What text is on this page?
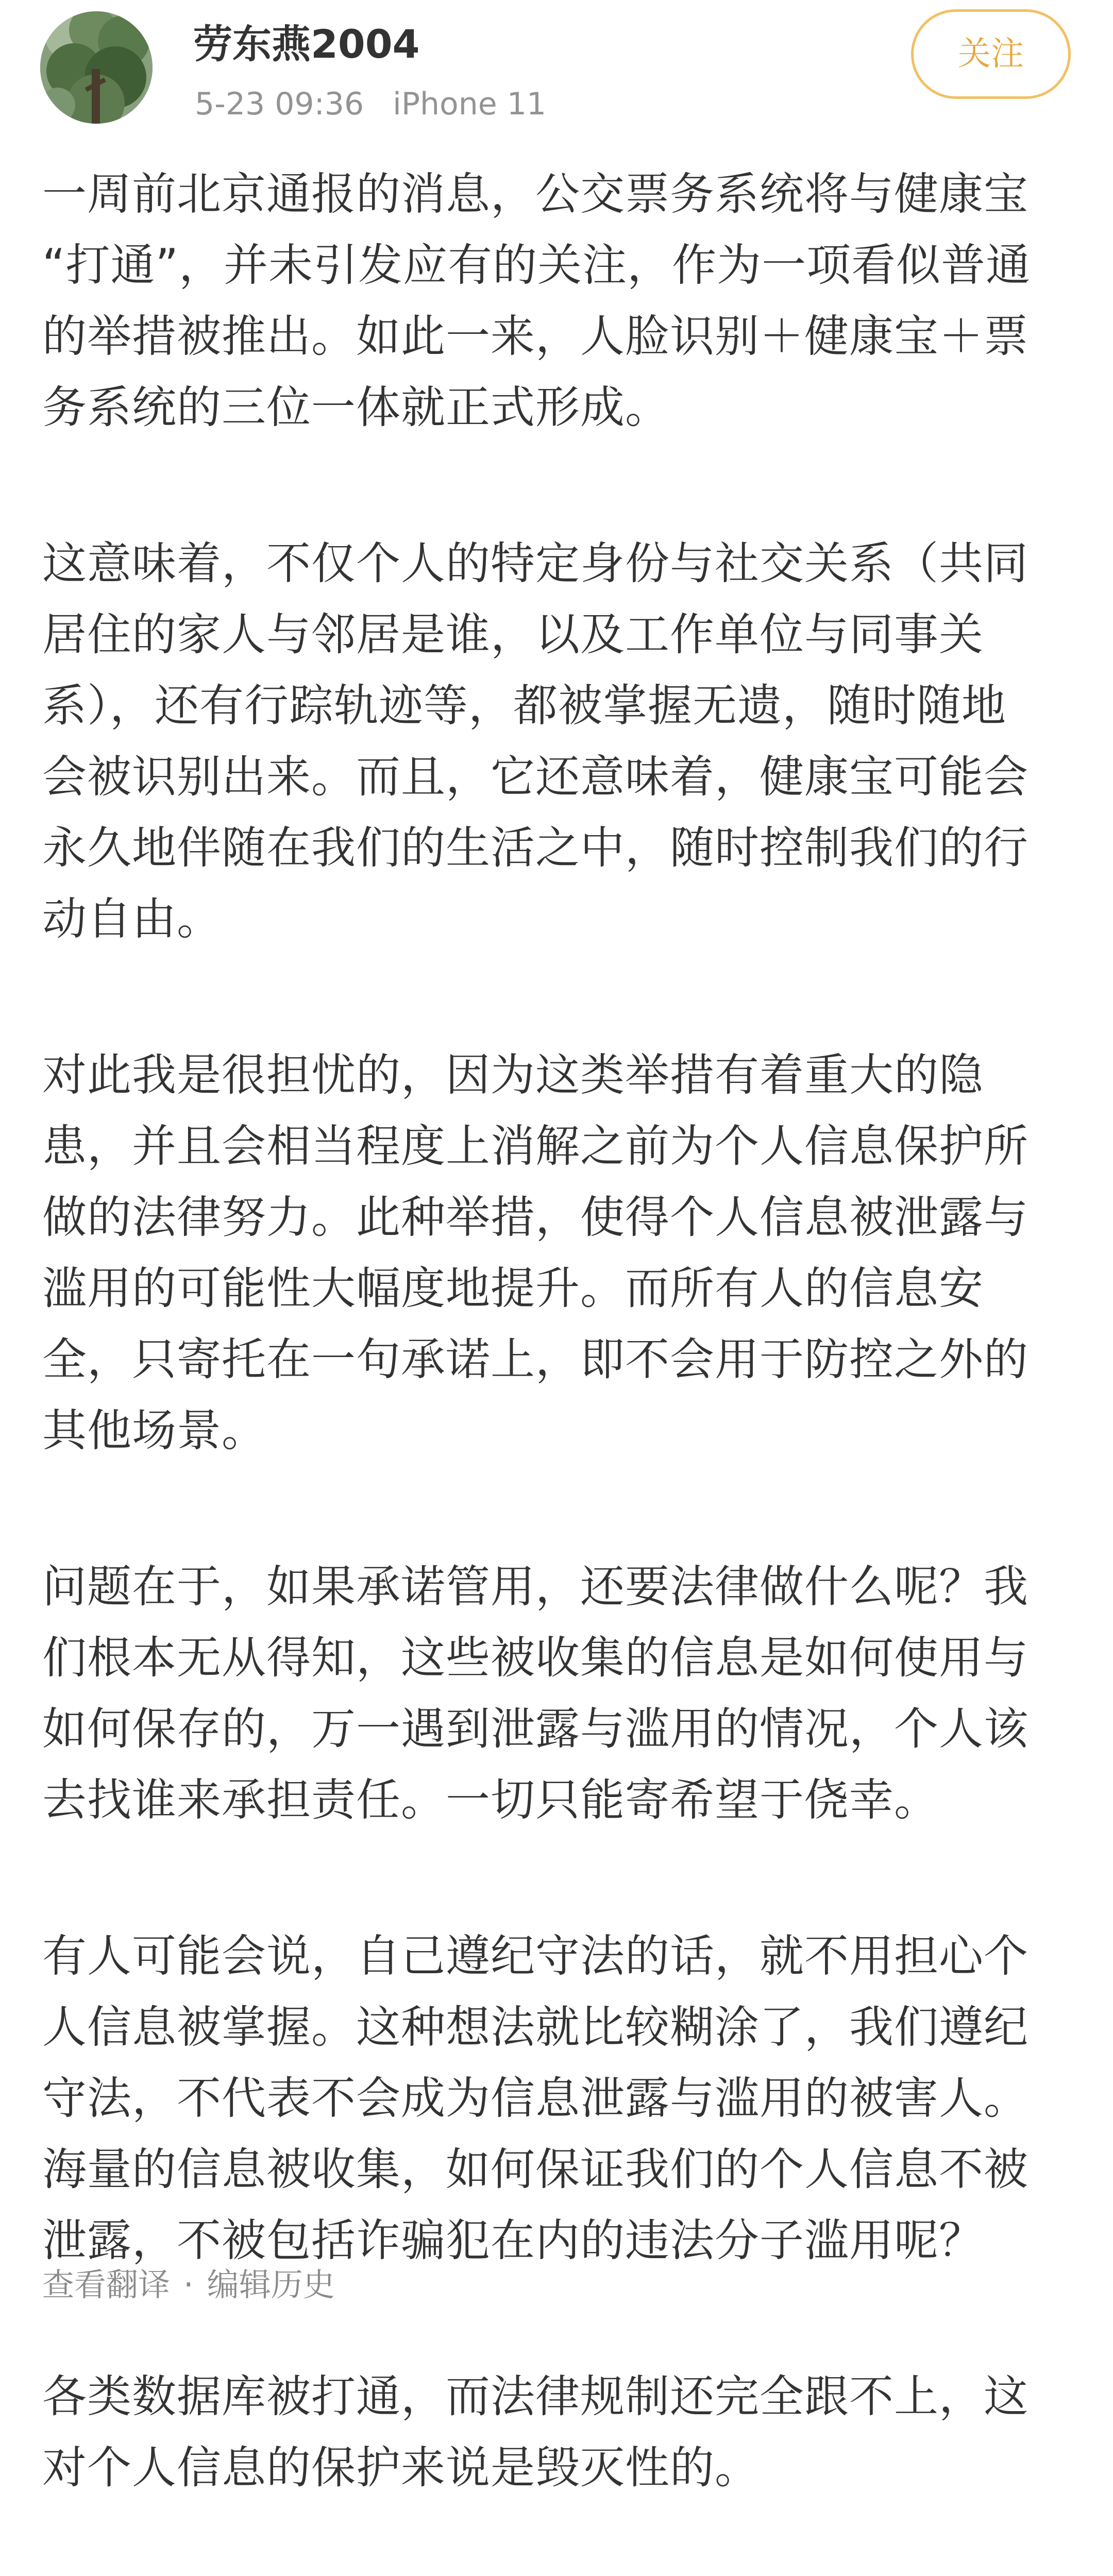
劳东燕2004
5-23 09:36 iPhone 11
关注

一周前北京通报的消息，公交票务系统将与健康宝
“打通”，并未引发应有的关注，作为一项看似普通
的举措被推出。如此一来，人脸识别＋健康宝＋票
务系统的三位一体就正式形成。

这意味着，不仅个人的特定身份与社交关系（共同
居住的家人与邻居是谁，以及工作单位与同事关
系），还有行踪轨迹等，都被掌握无遗，随时随地
会被识别出来。而且，它还意味着，健康宝可能会
永久地伴随在我们的生活之中，随时控制我们的行
动自由。

对此我是很担忧的，因为这类举措有着重大的隐
患，并且会相当程度上消解之前为个人信息保护所
做的法律努力。此种举措，使得个人信息被泄露与
滥用的可能性大幅度地提升。而所有人的信息安
全，只寄托在一句承诺上，即不会用于防控之外的
其他场景。

问题在于，如果承诺管用，还要法律做什么呢？我
们根本无从得知，这些被收集的信息是如何使用与
如何保存的，万一遇到泄露与滥用的情况，个人该
去找谁来承担责任。一切只能寄希望于侥幸。

有人可能会说，自己遵纪守法的话，就不用担心个
人信息被掌握。这种想法就比较糊涂了，我们遵纪
守法，不代表不会成为信息泄露与滥用的被害人。
海量的信息被收集，如何保证我们的个人信息不被
泄露，不被包括诈骗犯在内的违法分子滥用呢？

各类数据库被打通，而法律规制还完全跟不上，这
对个人信息的保护来说是毁灭性的。

查看翻译 · 编辑历史
